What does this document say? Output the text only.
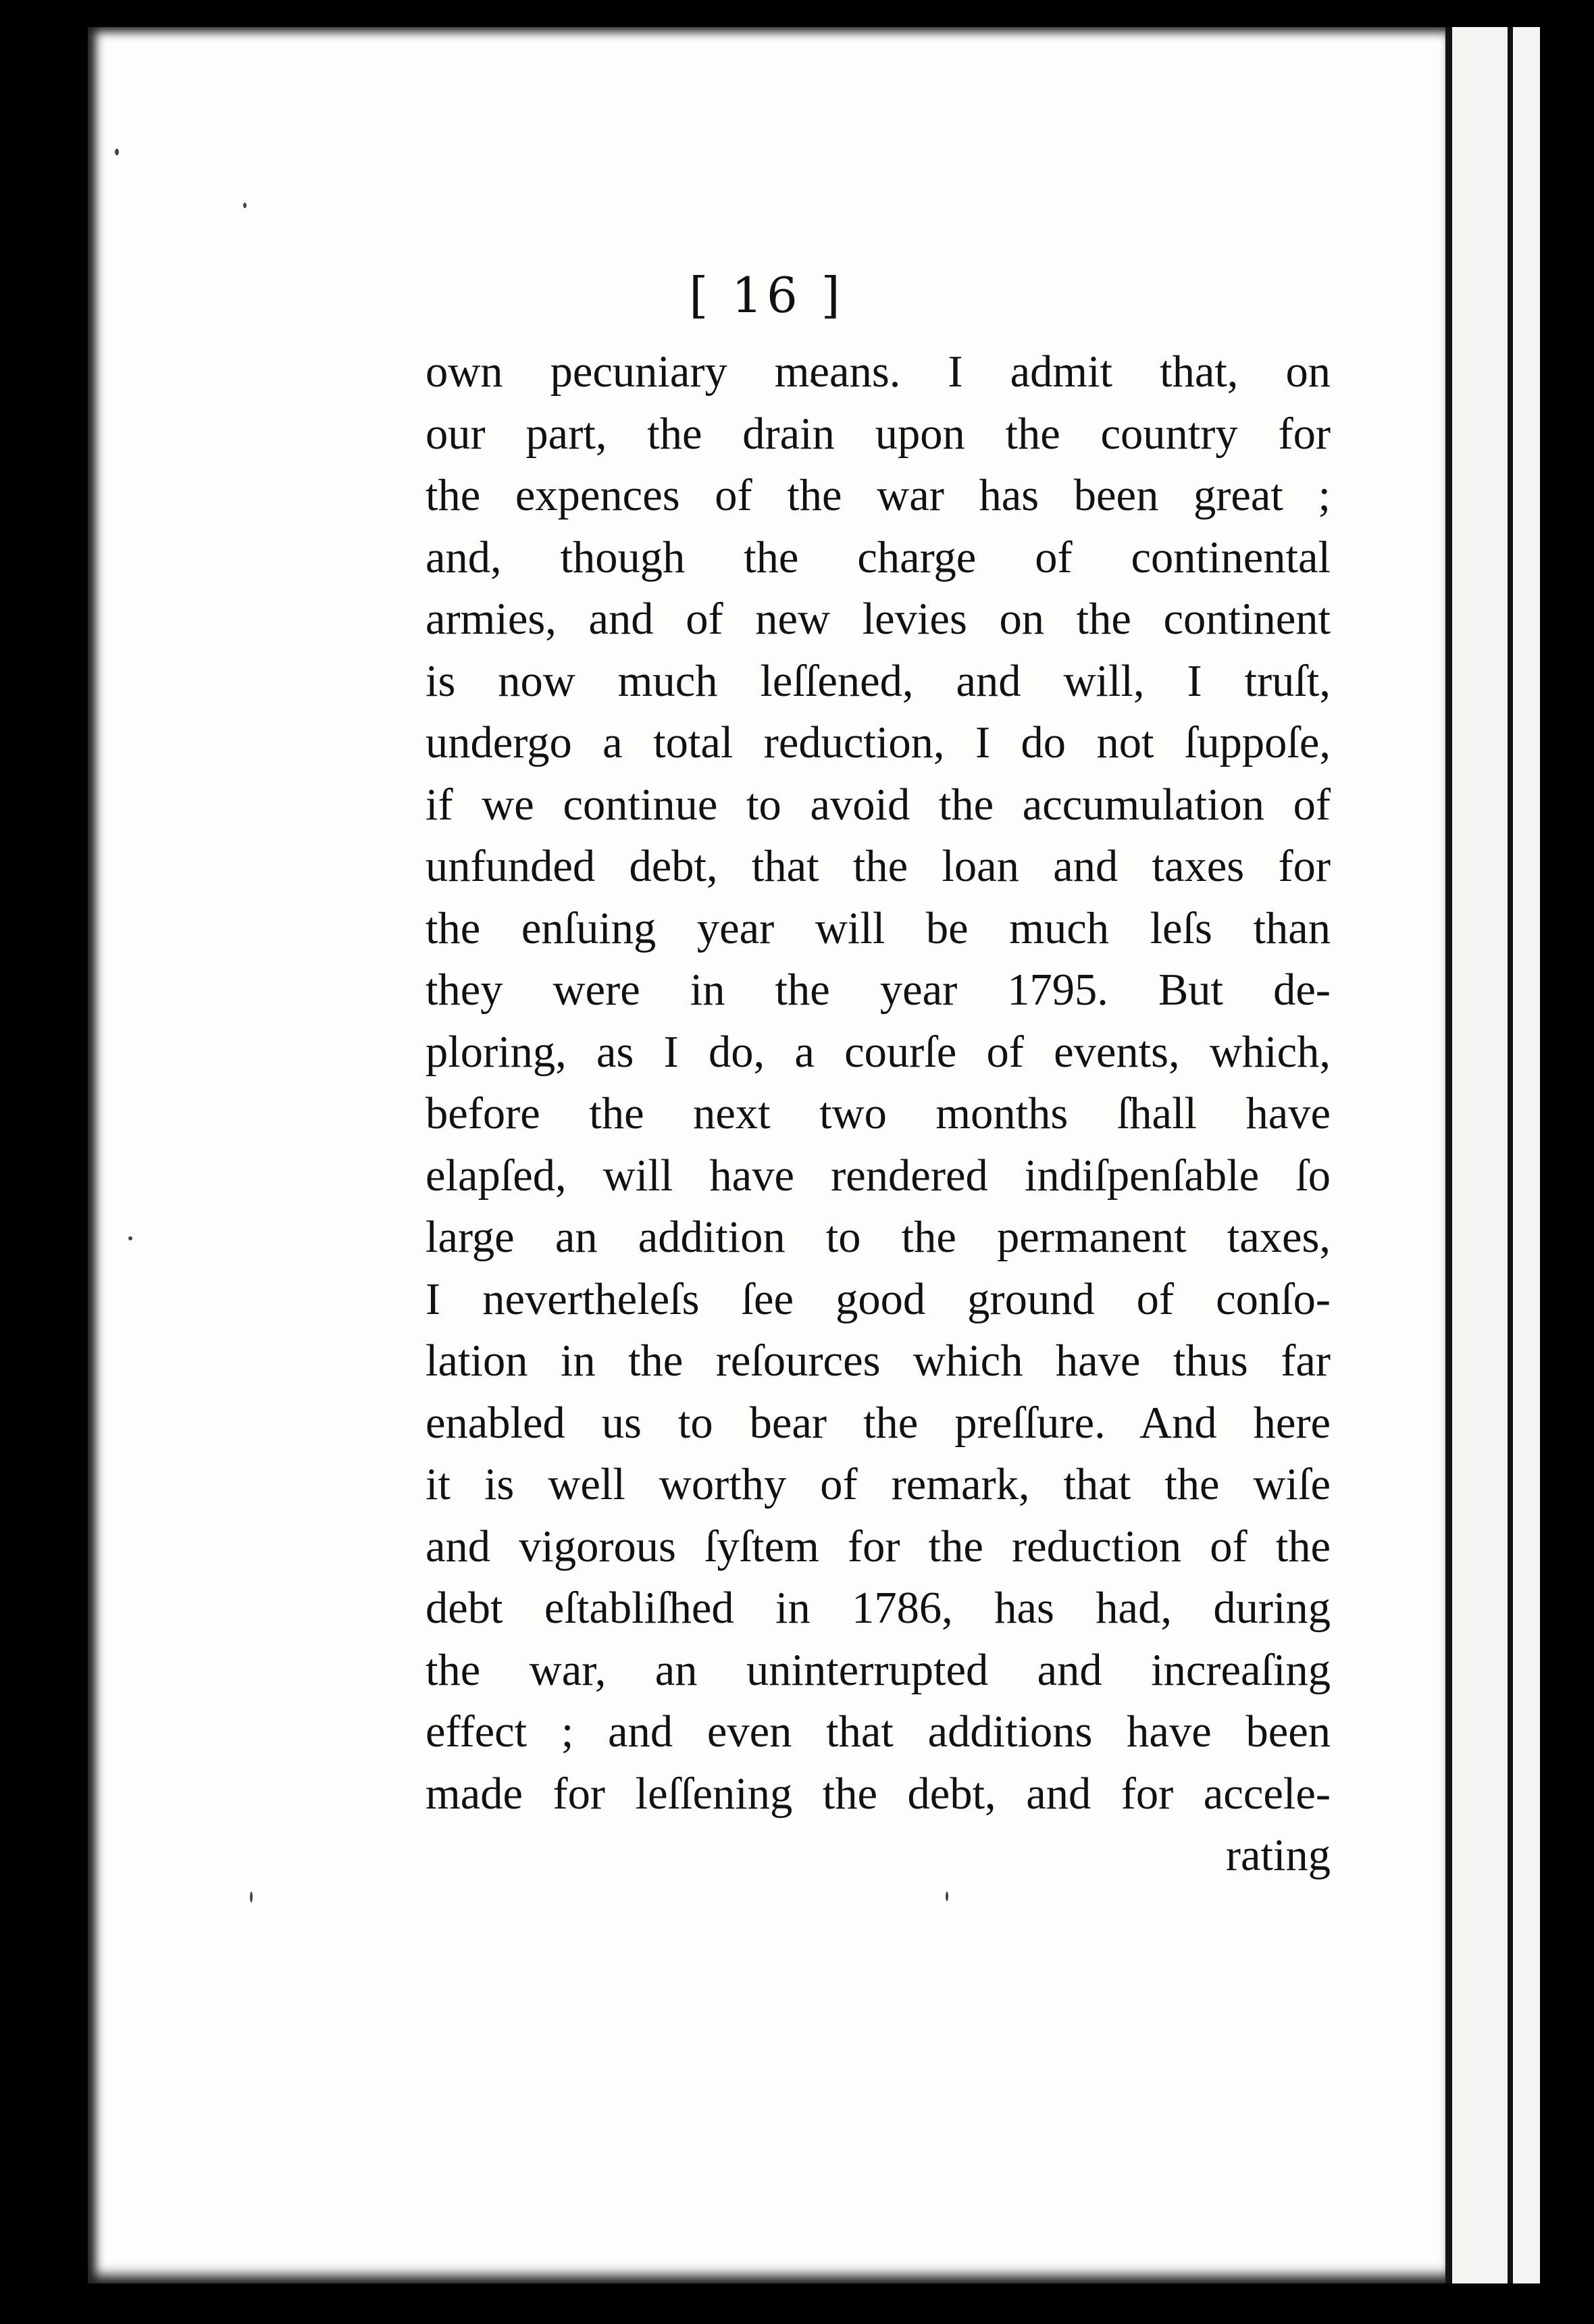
[ 16 ]
own pecuniary means. I admit that, on
our part, the drain upon the country for
the expences of the war has been great ;
and, though the charge of continental
armies, and of new levies on the continent
is now much leſſened, and will, I truſt,
undergo a total reduction, I do not ſuppoſe,
if we continue to avoid the accumulation of
unfunded debt, that the loan and taxes for
the enſuing year will be much leſs than
they were in the year 1795. But de-
ploring, as I do, a courſe of events, which,
before the next two months ſhall have
elapſed, will have rendered indiſpenſable ſo
large an addition to the permanent taxes,
I nevertheleſs ſee good ground of conſo-
lation in the reſources which have thus far
enabled us to bear the preſſure. And here
it is well worthy of remark, that the wiſe
and vigorous ſyſtem for the reduction of the
debt eſtabliſhed in 1786, has had, during
the war, an uninterrupted and increaſing
effect ; and even that additions have been
made for leſſening the debt, and for accele-
rating
